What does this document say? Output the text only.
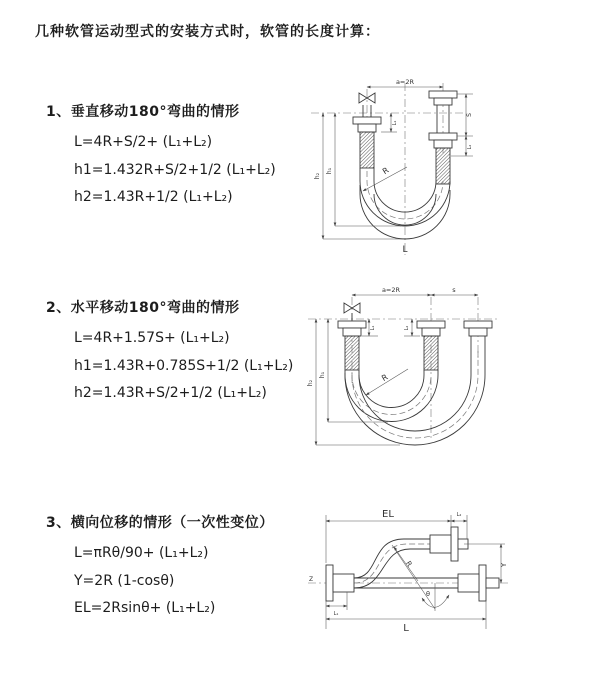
几种软管运动型式的安装方式时，软管的长度计算：
1、垂直移动180°弯曲的情形
L=4R+S/2+ (L₁+L₂)
h1=1.432R+S/2+1/2 (L₁+L₂)
h2=1.43R+1/2 (L₁+L₂)
2、水平移动180°弯曲的情形
L=4R+1.57S+ (L₁+L₂)
h1=1.43R+0.785S+1/2 (L₁+L₂)
h2=1.43R+S/2+1/2 (L₁+L₂)
3、横向位移的情形（一次性变位）
L=πRθ/90+ (L₁+L₂)
Y=2R (1-cosθ)
EL=2Rsinθ+ (L₁+L₂)
a=2R
h₂
h₁
L₁
S
L₂
R
L
a=2R	s
h₂
h₁
L₁	L₂
R
EL	L₂
Y
L
L₁
R
θ
Z
